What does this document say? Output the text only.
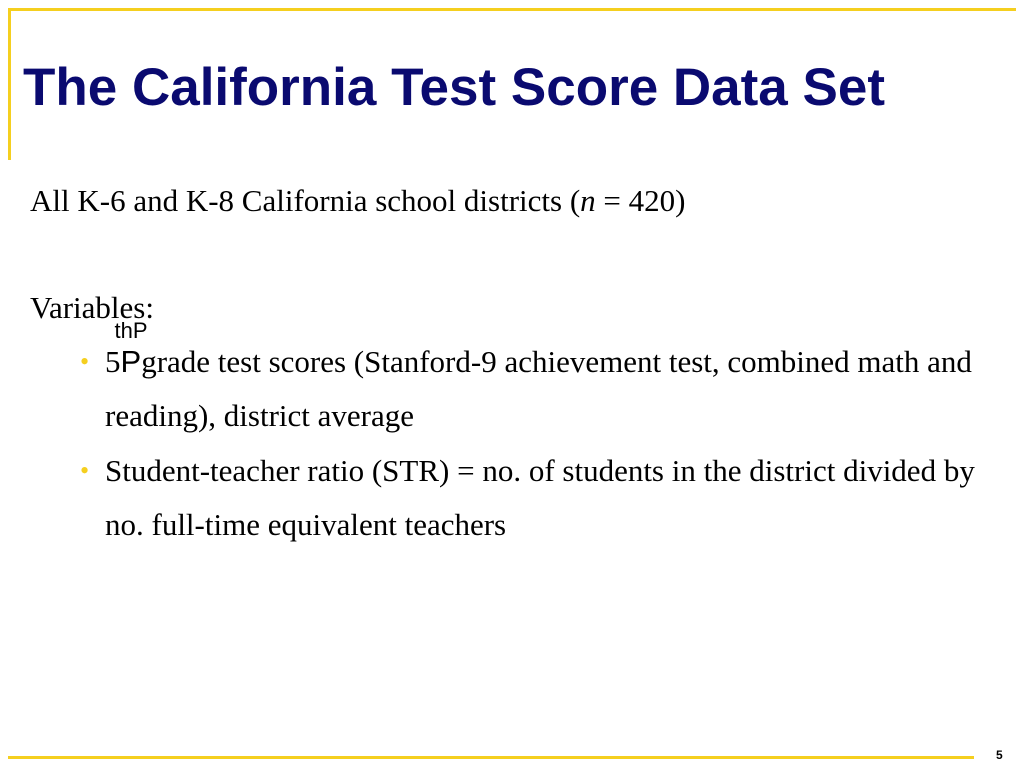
The California Test Score Data Set
All K-6 and K-8 California school districts (n = 420)
Variables:
• 5
thP
Pgrade test scores (Stanford-9 achievement test, combined math and reading), district average
• Student-teacher ratio (STR) = no. of students in the district divided by no. full-time equivalent teachers
5
